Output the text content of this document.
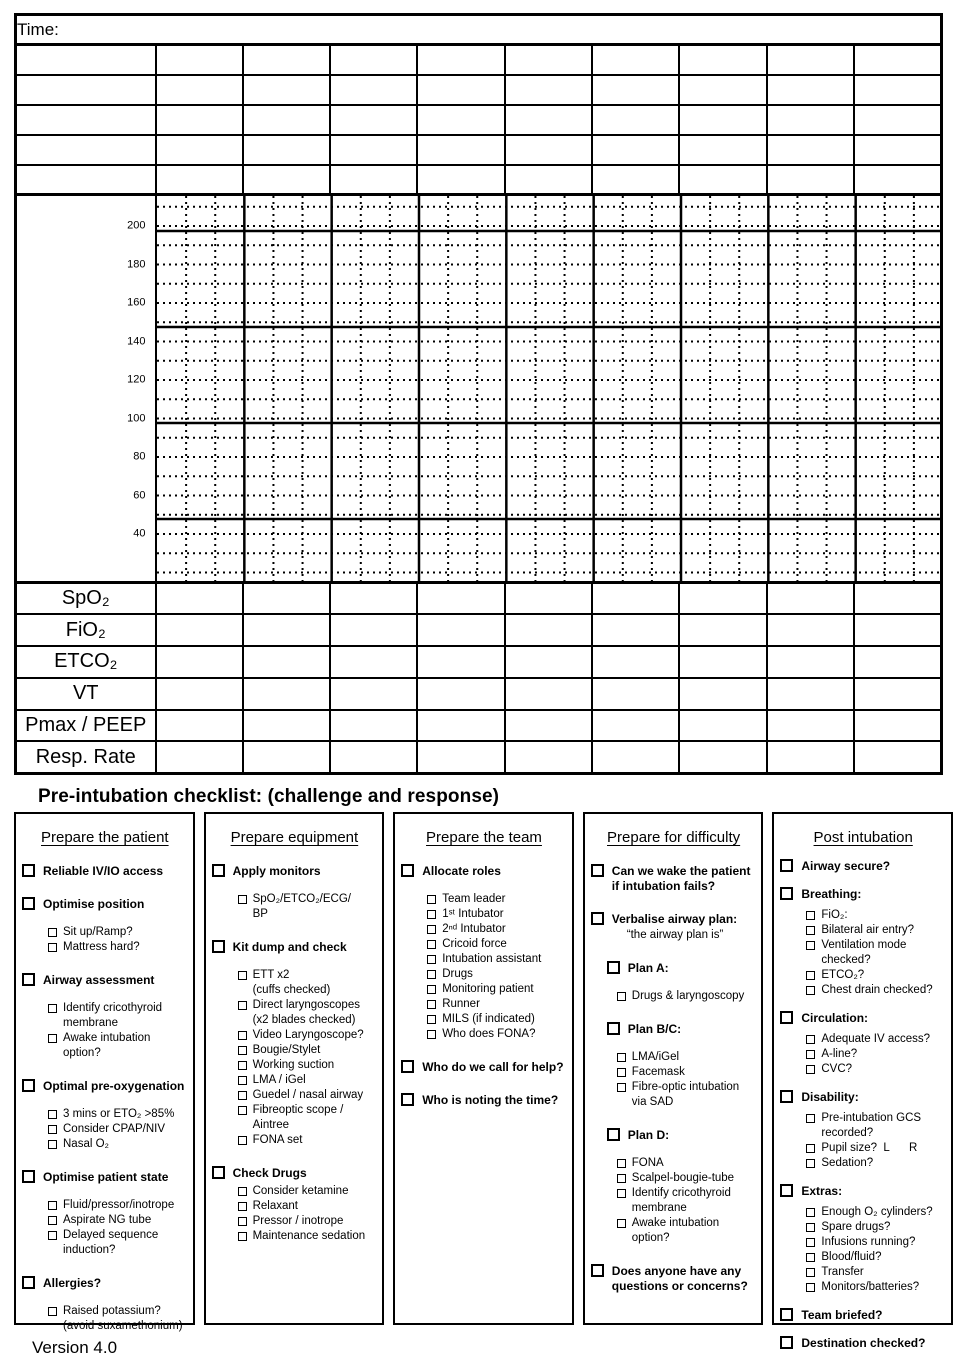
Time:									

200
180
160
140
120
100
80
60
40

SpO₂									
FiO₂									
ETCO₂									
VT									
Pmax / PEEP									
Resp. Rate									
Pre-intubation checklist: (challenge and response)
Prepare the patient
Reliable IV/IO access
Optimise position
Sit up/Ramp?
Mattress hard?
Airway assessment
Identify cricothyroid membrane
Awake intubation option?
Optimal pre-oxygenation
3 mins or ETO₂ >85%
Consider CPAP/NIV
Nasal O₂
Optimise patient state
Fluid/pressor/inotrope
Aspirate NG tube
Delayed sequence induction?
Allergies?
Raised potassium?
(avoid suxamethonium)
Prepare equipment
Apply monitors
SpO₂/ETCO₂/ECG/
BP
Kit dump and check
ETT x2
(cuffs checked)
Direct laryngoscopes
(x2 blades checked)
Video Laryngoscope?
Bougie/Stylet
Working suction
LMA / iGel
Guedel / nasal airway
Fibreoptic scope / Aintree
FONA set
Check Drugs
Consider ketamine
Relaxant
Pressor / inotrope
Maintenance sedation
Prepare the team
Allocate roles
Team leader
1ˢᵗ Intubator
2ⁿᵈ Intubator
Cricoid force
Intubation assistant
Drugs
Monitoring patient
Runner
MILS (if indicated)
Who does FONA?
Who do we call for help?
Who is noting the time?
Prepare for difficulty
Can we wake the patient if intubation fails?
Verbalise airway plan:
“the airway plan is”
Plan A:
Drugs & laryngoscopy
Plan B/C:
LMA/iGel
Facemask
Fibre-optic intubation via SAD
Plan D:
FONA
Scalpel-bougie-tube
Identify cricothyroid membrane
Awake intubation option?
Does anyone have any questions or concerns?
Post intubation
Airway secure?
Breathing:
FiO₂:
Bilateral air entry?
Ventilation mode checked?
ETCO₂?
Chest drain checked?
Circulation:
Adequate IV access?
A-line?
CVC?
Disability:
Pre-intubation GCS recorded?
Pupil size?  L      R
Sedation?
Extras:
Enough O₂ cylinders?
Spare drugs?
Infusions running?
Blood/fluid?
Transfer
Monitors/batteries?
Team briefed?
Destination checked?
Version 4.0
